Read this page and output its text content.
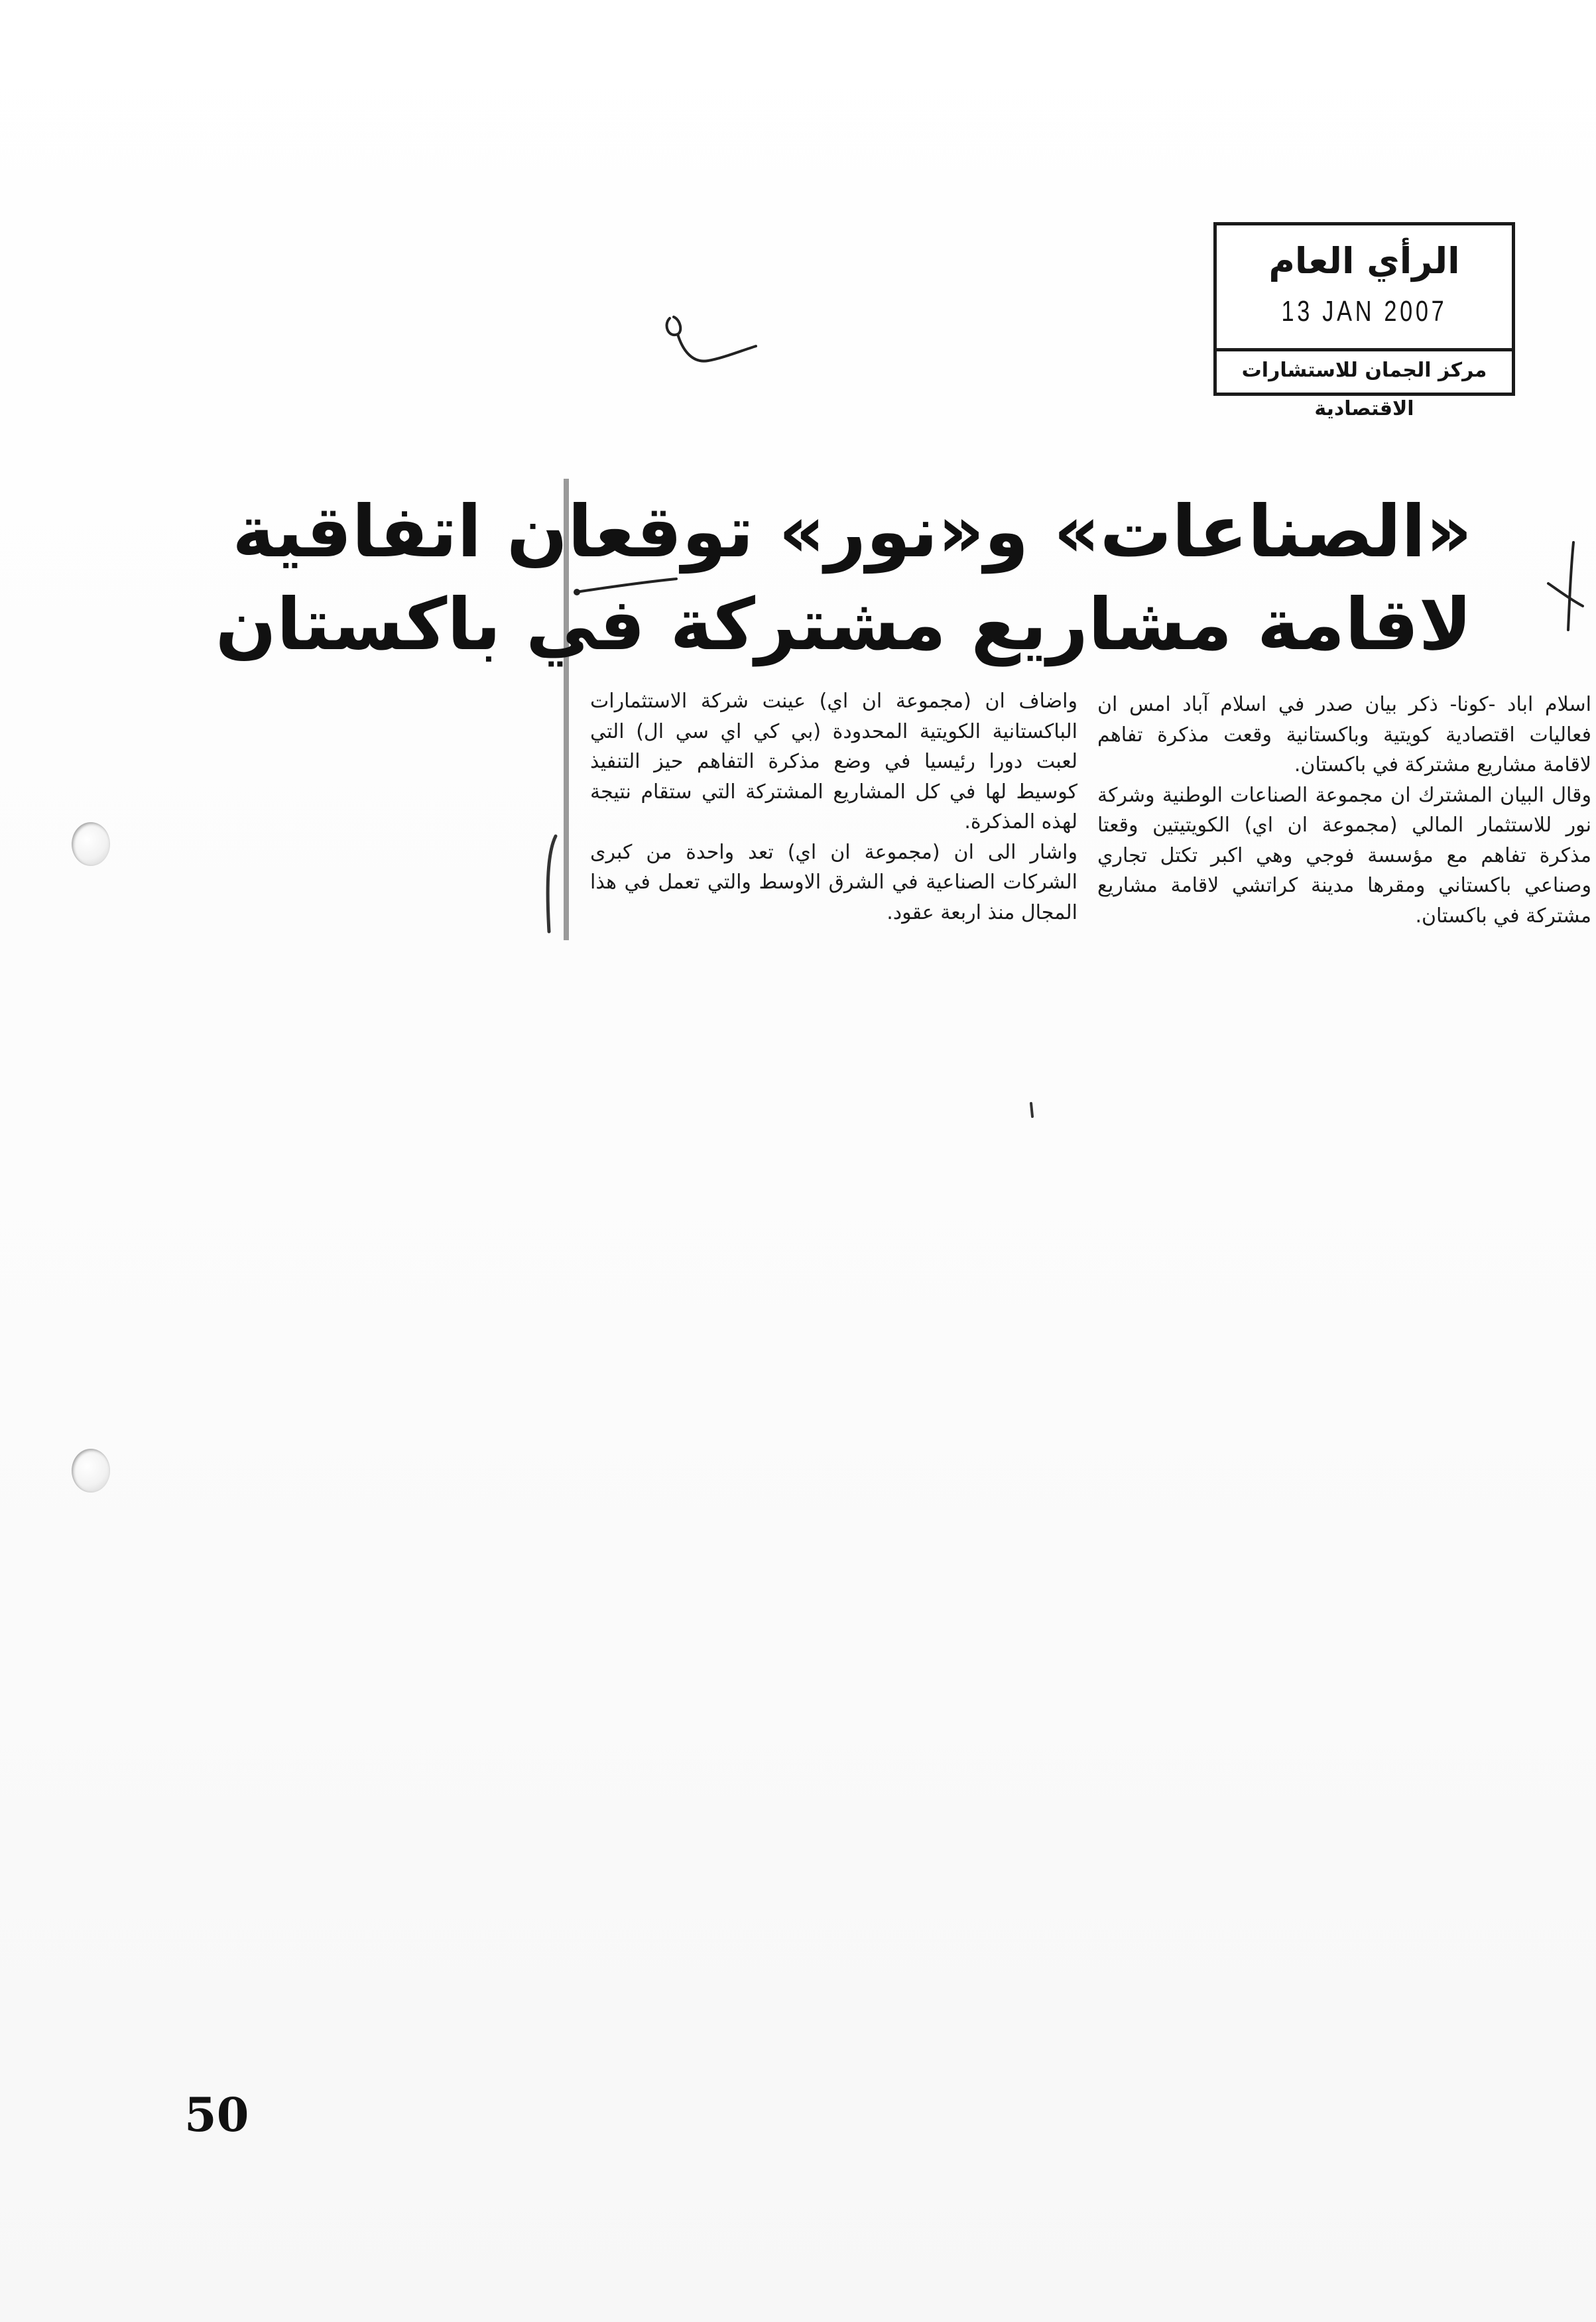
الرأي العام
13 JAN 2007
مركز الجمان للاستشارات الاقتصادية
«الصناعات» و«نور» توقعان اتفاقية
لاقامة مشاريع مشتركة في باكستان

اسلام اباد -كونا- ذكر بيان صدر في اسلام آباد امس ان فعاليات اقتصادية كويتية وباكستانية وقعت مذكرة تفاهم لاقامة مشاريع مشتركة في باكستان.

وقال البيان المشترك ان مجموعة الصناعات الوطنية وشركة نور للاستثمار المالي (مجموعة ان اي) الكويتيتين وقعتا مذكرة تفاهم مع مؤسسة فوجي وهي اكبر تكتل تجاري وصناعي باكستاني ومقرها مدينة كراتشي لاقامة مشاريع مشتركة في باكستان.

واضاف ان (مجموعة ان اي) عينت شركة الاستثمارات الباكستانية الكويتية المحدودة (بي كي اي سي ال) التي لعبت دورا رئيسيا في وضع مذكرة التفاهم حيز التنفيذ كوسيط لها في كل المشاريع المشتركة التي ستقام نتيجة لهذه المذكرة.

واشار الى ان (مجموعة ان اي) تعد واحدة من كبرى الشركات الصناعية في الشرق الاوسط والتي تعمل في هذا المجال منذ اربعة عقود.

50
